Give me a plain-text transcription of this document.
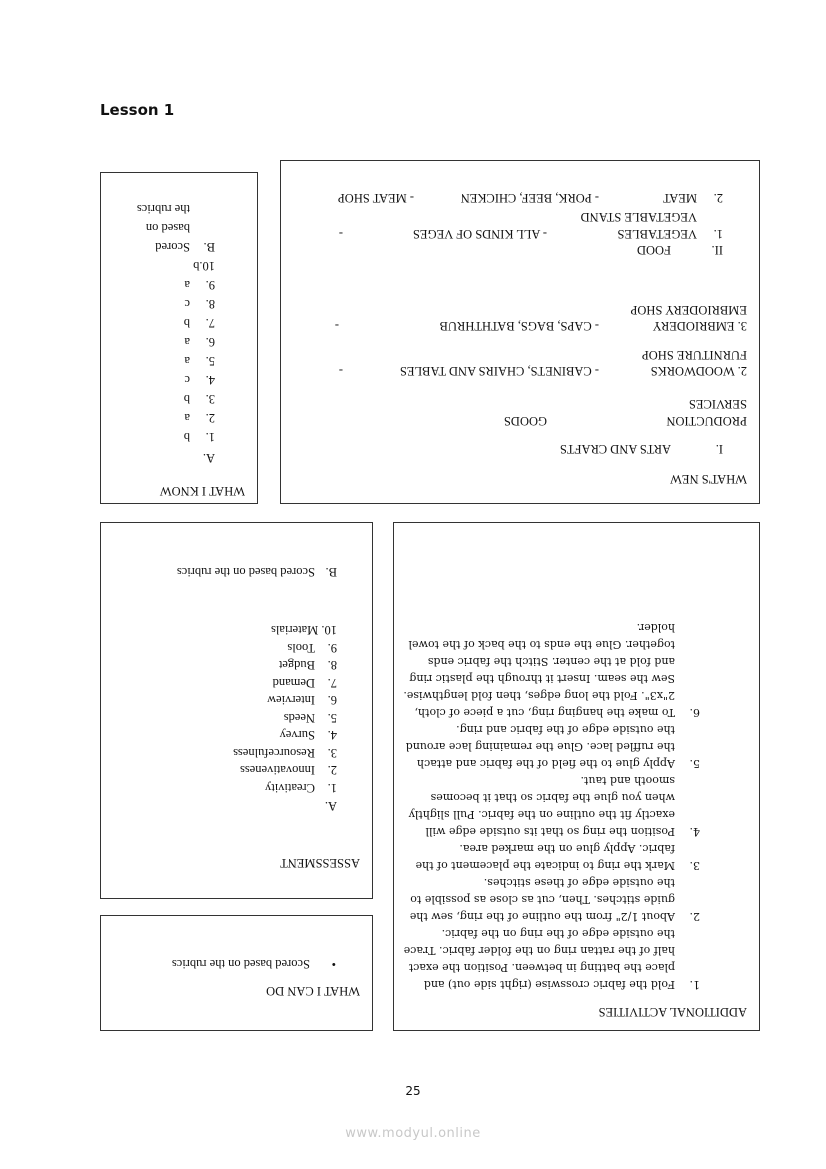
Lesson 1
WHAT'S NEW
I.
ARTS AND CRAFTS
PRODUCTION
GOODS
SERVICES
2. WOODWORKS
- CABINETS, CHAIRS AND TABLES
-
FURNITURE SHOP
3. EMBRIODERY
- CAPS, BAGS, BATHTHRUB
-
EMBRIODERY SHOP
II.
FOOD
1.
VEGETABLES
- ALL KINDS OF VEGES
-
VEGETABLE STAND
2.
MEAT
- PORK, BEEF, CHICKEN
- MEAT SHOP
WHAT I KNOW
A.
1.
b
2.
a
3.
b
4.
c
5.
a
6.
a
7.
b
8.
c
9.
a
10.b
B.
Scored
based on
the rubrics
ADDITIONAL ACTIVITIES
1.
Fold the fabric crosswise (right side out) and place the batting in between. Position the exact half of the rattan ring on the folder fabric. Trace the outside edge of the ring on the fabric.
2.
About 1/2" from the outline of the ring, sew the guide stitches. Then, cut as close as possible to the outside edge of these stitches.
3.
Mark the ring to indicate the placement of the fabric. Apply glue on the marked area.
4.
Position the ring so that its outside edge will exactly fit the outline on the fabric. Pull slightly when you glue the fabric so that it becomes smooth and taut.
5.
Apply glue to the field of the fabric and attach the ruffled lace. Glue the remaining lace around the outside edge of the fabric and ring.
6.
To make the hanging ring, cut a piece of cloth, 2"x3". Fold the long edges, then fold lengthwise. Sew the seam. Insert it through the plastic ring and fold at the center. Stitch the fabric ends together. Glue the ends to the back of the towel holder.
ASSESSMENT
A.
1.
Creativity
2.
Innovativeness
3.
Resourcefulness
4.
Survey
5.
Needs
6.
Interview
7.
Demand
8.
Budget
9.
Tools
10. Materials
B.
Scored based on the rubrics
WHAT I CAN DO
•
Scored based on the rubrics
25
www.modyul.online
